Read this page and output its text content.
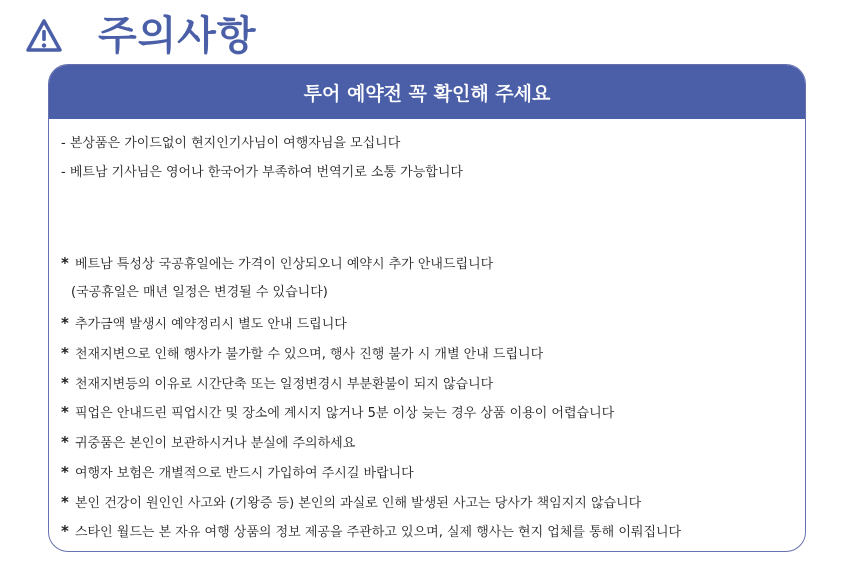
주의사항
투어 예약전 꼭 확인해 주세요
- 본상품은 가이드없이 현지인기사님이 여행자님을 모십니다
- 베트남 기사님은 영어나 한국어가 부족하여 번역기로 소통 가능합니다
* 베트남 특성상 국공휴일에는 가격이 인상되오니 예약시 추가 안내드립니다
(국공휴일은 매년 일정은 변경될 수 있습니다)
* 추가금액 발생시 예약정리시 별도 안내 드립니다
* 천재지변으로 인해 행사가 불가할 수 있으며, 행사 진행 불가 시 개별 안내 드립니다
* 천재지변등의 이유로 시간단축 또는 일정변경시 부분환불이 되지 않습니다
* 픽업은 안내드린 픽업시간 및 장소에 계시지 않거나 5분 이상 늦는 경우 상품 이용이 어렵습니다
* 귀중품은 본인이 보관하시거나 분실에 주의하세요
* 여행자 보험은 개별적으로 반드시 가입하여 주시길 바랍니다
* 본인 건강이 원인인 사고와 (기왕증 등) 본인의 과실로 인해 발생된 사고는 당사가 책임지지 않습니다
* 스타인 월드는 본 자유 여행 상품의 정보 제공을 주관하고 있으며, 실제 행사는 현지 업체를 통해 이뤄집니다
